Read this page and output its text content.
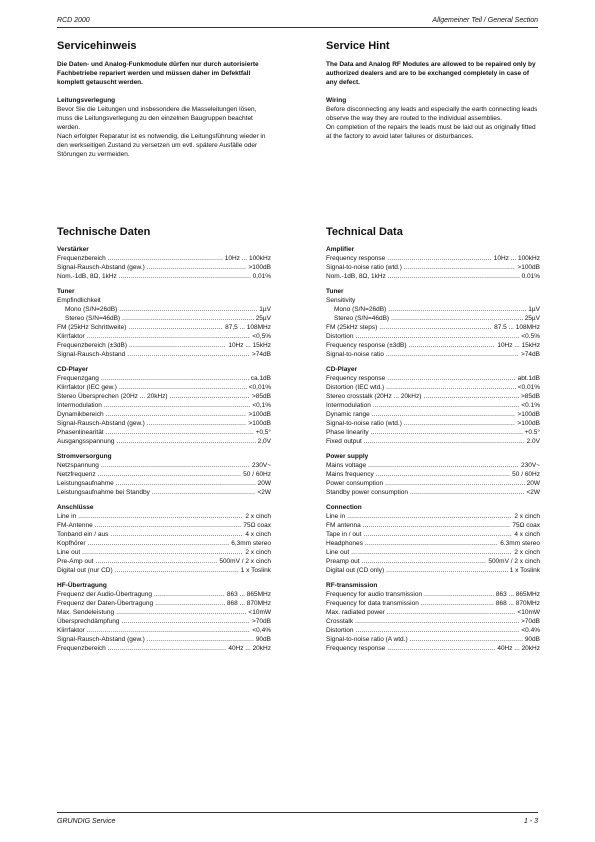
RCD 2000	Allgemeiner Teil / General Section
Servicehinweis
Die Daten- und Analog-Funkmodule dürfen nur durch autorisierte Fachbetriebe repariert werden und müssen daher im Defektfall komplett getauscht werden.
Leitungsverlegung
Bevor Sie die Leitungen und insbesondere die Masseleitungen lösen, muss die Leitungsverlegung zu den einzelnen Baugruppen beachtet werden.
Nach erfolgter Reparatur ist es notwendig, die Leitungsführung wieder in den werkseitigen Zustand zu versetzen um evtl. spätere Ausfälle oder Störungen zu vermeiden.
Service Hint
The Data and Analog RF Modules are allowed to be repaired only by authorized dealers and are to be exchanged completely in case of any defect.
Wiring
Before disconnecting any leads and especially the earth connecting leads observe the way they are routed to the individual assemblies.
On completion of the repairs the leads must be laid out as originally fitted at the factory to avoid later failures or disturbances.
Technische Daten
Verstärker
Frequenzbereich .....	10Hz ... 100kHz
Signal-Rausch-Abstand (gew.) .....	>100dB
Nom.-1dB, 8Ω, 1kHz .....	0,01%
Tuner
Empfindlichkeit
Mono (S/N=26dB) .....	1µV
Stereo (S/N=46dB) .....	25µV
FM (25kHz Schrittweite) .....	87,5 ... 108MHz
Klirrfaktor .....	<0,5%
Frequenzbereich (±3dB) .....	10Hz ... 15kHz
Signal-Rausch-Abstand .....	>74dB
CD-Player
Frequenzgang .....	ca.1dB
Klirrfaktor (IEC gew.) .....	<0,01%
Stereo Übersprechen (20Hz ... 20kHz) .....	>85dB
Intermodulation .....	<0,1%
Dynamikbereich .....	>100dB
Signal-Rausch-Abstand (gew.) .....	>100dB
Phasenlinearität .....	+0,5°
Ausgangsspannung .....	2,0V
Stromversorgung
Netzspannung .....	230V~
Netzfrequenz .....	50 / 60Hz
Leistungsaufnahme .....	20W
Leistungsaufnahme bei Standby .....	<2W
Anschlüsse
Line in .....	2 x cinch
FM-Antenne .....	75Ω coax
Tonband ein / aus .....	4 x cinch
Kopfhörer .....	6,3mm stereo
Line out .....	2 x cinch
Pre-Amp out .....	500mV / 2 x cinch
Digital out (nur CD) .....	1 x Toslink
HF-Übertragung
Frequenz der Audio-Übertragung .....	863 ... 865MHz
Frequenz der Daten-Übertragung .....	868 ... 870MHz
Max. Sendeleistung .....	<10mW
Übersprechdämpfung .....	>70dB
Klirrfaktor .....	<0,4%
Signal-Rausch-Abstand (gew.) .....	90dB
Frequenzbereich .....	40Hz ... 20kHz
Technical Data
Amplifier
Frequency response .....	10Hz ... 100kHz
Signal-to-noise ratio (wtd.) .....	>100dB
Nom.-1dB, 8Ω, 1kHz .....	0.01%
Tuner
Sensitivity
Mono (S/N=26dB) .....	1µV
Stereo (S/N=46dB) .....	25µV
FM (25kHz steps) .....	87.5 ... 108MHz
Distortion .....	<0.5%
Frequency response (±3dB) .....	10Hz ... 15kHz
Signal-to-noise ratio .....	>74dB
CD-Player
Frequency response .....	abt.1dB
Distortion (IEC wtd.) .....	<0.01%
Stereo crosstalk (20Hz ... 20kHz) .....	>85dB
Intermodulation .....	<0.1%
Dynamic range .....	>100dB
Signal-to-noise ratio (wtd.) .....	>100dB
Phase linearity .....	+0.5°
Fixed output .....	2.0V
Power supply
Mains voltage .....	230V~
Mains frequency .....	50 / 60Hz
Power consumption .....	20W
Standby power consumption .....	<2W
Connection
Line in .....	2 x cinch
FM antenna .....	75Ω coax
Tape in / out .....	4 x cinch
Headphones .....	6.3mm stereo
Line out .....	2 x cinch
Preamp out .....	500mV / 2 x cinch
Digital out (CD only) .....	1 x Toslink
RF-transmission
Frequency for audio transmission .....	863 ... 865MHz
Frequency for data transmission .....	868 ... 870MHz
Max. radiated power .....	<10mW
Crosstalk .....	>70dB
Distortion .....	<0.4%
Signal-to-noise ratio (A wtd.) .....	90dB
Frequency response .....	40Hz ... 20kHz
GRUNDIG Service	1 - 3
